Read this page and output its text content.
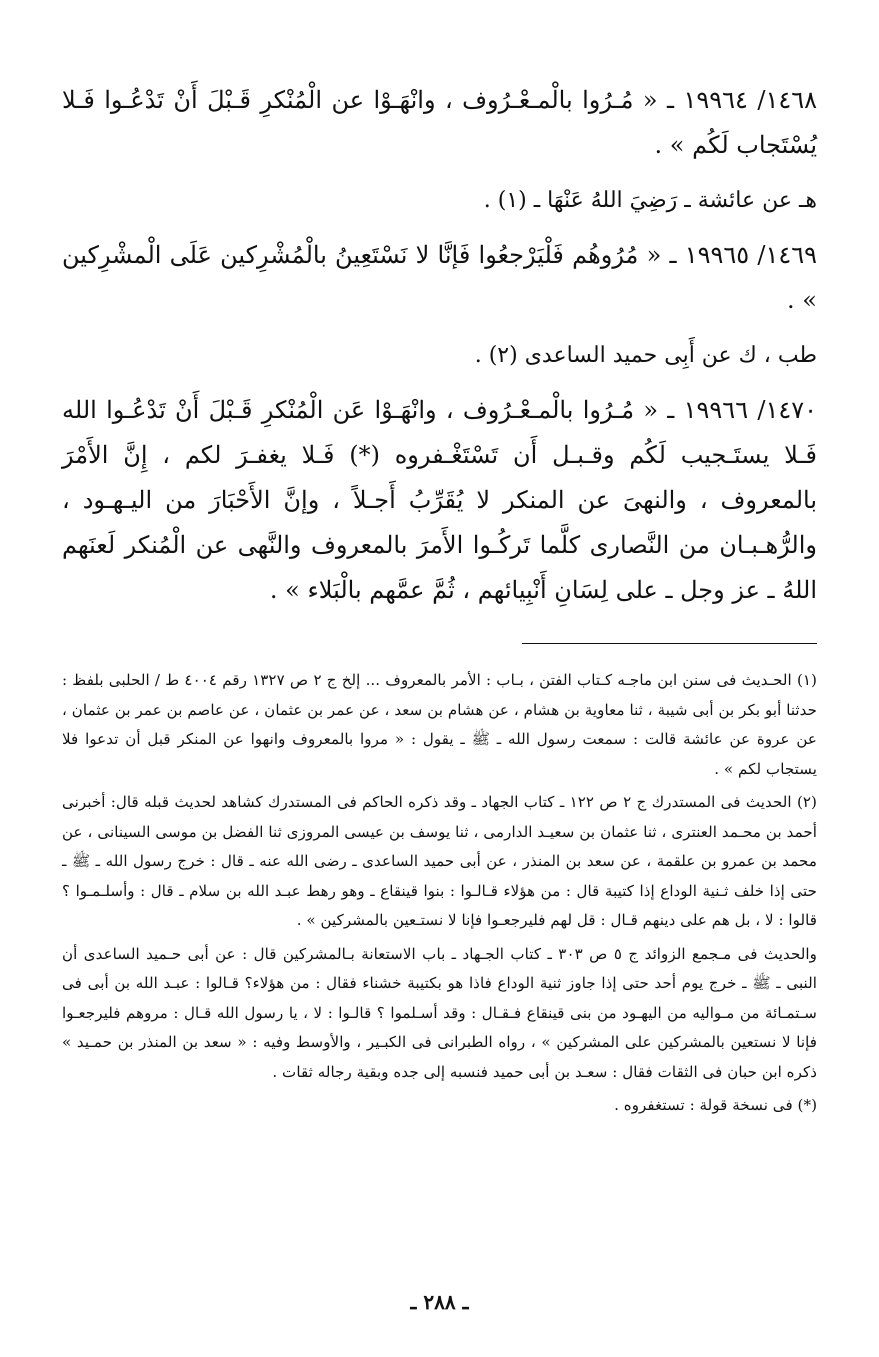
١٤٦٨/ ١٩٩٦٤ ـ « مُـرُوا بالْمـعْـرُوف ، وانْهَـوْا عن الْمُنْكرِ قَـبْلَ أَنْ تَدْعُـوا فَـلا يُسْتَجاب لَكُم » .

هـ عن عائشة ـ رَضِيَ اللهُ عَنْهَا ـ (١) .

١٤٦٩/ ١٩٩٦٥ ـ « مُرُوهُم فَلْيَرْجعُوا فَإنَّا لا نَسْتَعِينُ بالْمُشْرِكين عَلَى الْمشْرِكين » .

طب ، ك عن أَبِى حميد الساعدى (٢) .

١٤٧٠/ ١٩٩٦٦ ـ « مُـرُوا بالْمـعْـرُوف ، وانْهَـوْا عَن الْمُنْكرِ قَـبْلَ أَنْ تَدْعُـوا الله فَـلا يستَـجيب لَكُم وقـبـل أَن تَسْتَغْـفروه (*) فَـلا يغفـرَ لكم ، إِنَّ الأَمْرَ بالمعروف ، والنهىَ عن المنكر لا يُقَرِّبُ أَجـلاً ، وإنَّ الأَحْبَارَ من اليـهـود ، والرُّهـبـان من النَّصارى كلَّما تَركُـوا الأَمرَ بالمعروف والنَّهى عن الْمُنكر لَعنَهم اللهُ ـ عز وجل ـ على لِسَانِ أَنْبِيائهم ، ثُمَّ عمَّهم بالْبَلاء » .

(١) الحـديث فى سنن ابن ماجـه كـتاب الفتن ، بـاب : الأمر بالمعروف ... إلخ ج ٢ ص ١٣٢٧ رقم ٤٠٠٤ ط / الحلبى بلفظ : حدثنا أبو بكر بن أبى شيبة ، ثنا معاوية بن هشام ، عن هشام بن سعد ، عن عمر بن عثمان ، عن عاصم بن عمر بن عثمان ، عن عروة عن عائشة قالت : سمعت رسول الله ـ ﷺ ـ يقول : « مروا بالمعروف وانهوا عن المنكر قبل أن تدعوا فلا يستجاب لكم » .

(٢) الحديث فى المستدرك ج ٢ ص ١٢٢ ـ كتاب الجهاد ـ وقد ذكره الحاكم فى المستدرك كشاهد لحديث قبله قال: أخبرنى أحمد بن محـمد العنترى ، ثنا عثمان بن سعيـد الدارمى ، ثنا يوسف بن عيسى المروزى ثنا الفضل بن موسى السينانى ، عن محمد بن عمرو بن علقمة ، عن سعد بن المنذر ، عن أبى حميد الساعدى ـ رضى الله عنه ـ قال : خرج رسول الله ـ ﷺ ـ حتى إذا خلف ثـنية الوداع إذا كتيبة قال : من هؤلاء قـالـوا : بنوا قينقاع ـ وهو رهط عبـد الله بن سلام ـ قال : وأسلـمـوا ؟ قالوا : لا ، بل هم على دينهم قـال : قل لهم فليرجعـوا فإنا لا نستـعين بالمشركين » .

والحديث فى مـجمع الزوائد ج ٥ ص ٣٠٣ ـ كتاب الجـهاد ـ باب الاستعانة بـالمشركين قال : عن أبى حـميد الساعدى أن النبى ـ ﷺ ـ خرج يوم أحد حتى إذا جاوز ثنية الوداع فاذا هو بكتيبة خشناء فقال : من هؤلاء؟ قـالوا : عبـد الله بن أبى فى سـتمـائة من مـواليه من اليهـود من بنى قينقاع فـقـال : وقد أسـلموا ؟ قالـوا : لا ، يا رسول الله قـال : مروهم فليرجعـوا فإنا لا نستعين بالمشركين على المشركين » ، رواه الطبرانى فى الكبـير ، والأوسط وفيه : « سعد بن المنذر بن حمـيد » ذكره ابن حبان فى الثقات فقال : سعـد بن أبى حميد فنسبه إلى جده وبقية رجاله ثقات .

(*) فى نسخة قولة : تستغفروه .

ـ ٢٨٨ ـ
